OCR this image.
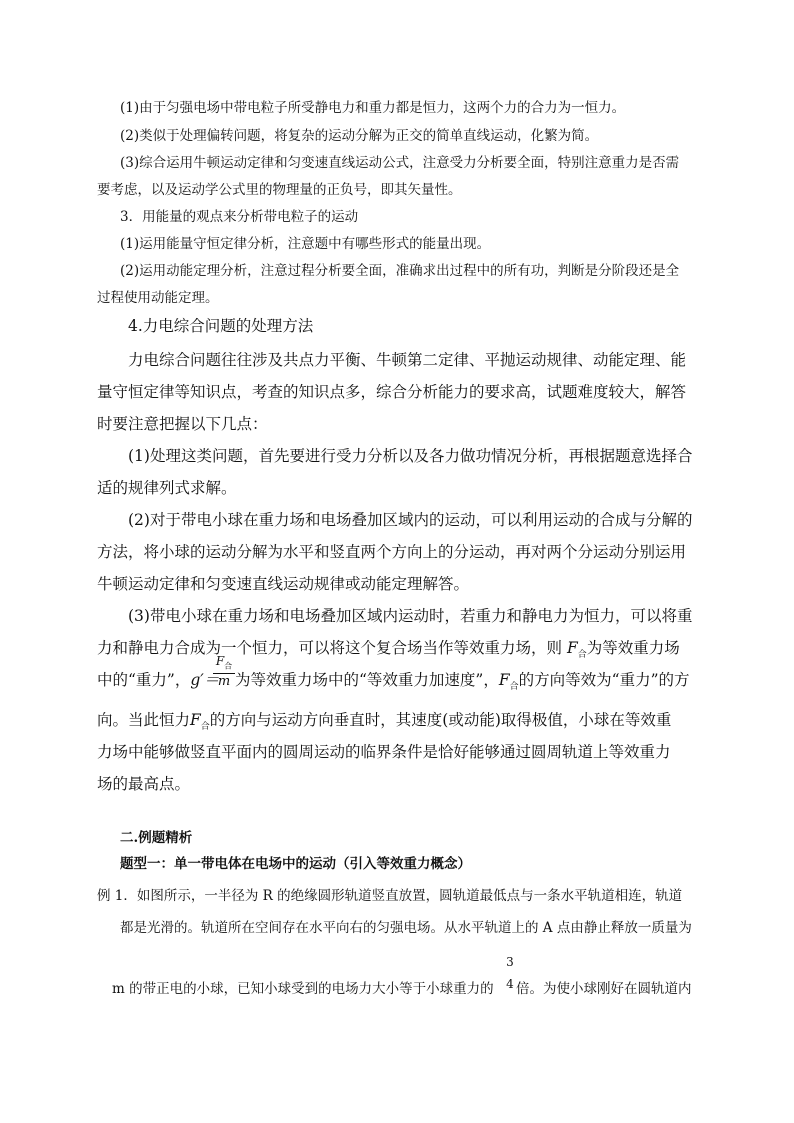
(1)由于匀强电场中带电粒子所受静电力和重力都是恒力，这两个力的合力为一恒力。
(2)类似于处理偏转问题，将复杂的运动分解为正交的简单直线运动，化繁为简。
(3)综合运用牛顿运动定律和匀变速直线运动公式，注意受力分析要全面，特别注意重力是否需
要考虑，以及运动学公式里的物理量的正负号，即其矢量性。
3．用能量的观点来分析带电粒子的运动
(1)运用能量守恒定律分析，注意题中有哪些形式的能量出现。
(2)运用动能定理分析，注意过程分析要全面，准确求出过程中的所有功，判断是分阶段还是全
过程使用动能定理。
4.力电综合问题的处理方法
力电综合问题往往涉及共点力平衡、牛顿第二定律、平抛运动规律、动能定理、能
量守恒定律等知识点，考查的知识点多，综合分析能力的要求高，试题难度较大，解答
时要注意把握以下几点：
(1)处理这类问题，首先要进行受力分析以及各力做功情况分析，再根据题意选择合
适的规律列式求解。
(2)对于带电小球在重力场和电场叠加区域内的运动，可以利用运动的合成与分解的
方法，将小球的运动分解为水平和竖直两个方向上的分运动，再对两个分运动分别运用
牛顿运动定律和匀变速直线运动规律或动能定理解答。
(3)带电小球在重力场和电场叠加区域内运动时，若重力和静电力为恒力，可以将重
力和静电力合成为一个恒力，可以将这个复合场当作等效重力场，则 $F_合$为等效重力场
中的“重力”，g′＝
$F_合$
m 为等效重力场中的“等效重力加速度”，$F_合$的方向等效为“重力”的方
向。当此恒力$F_合$的方向与运动方向垂直时，其速度(或动能)取得极值，小球在等效重
力场中能够做竖直平面内的圆周运动的临界条件是恰好能够通过圆周轨道上等效重力
场的最高点。
二.例题精析
题型一：单一带电体在电场中的运动（引入等效重力概念）
例 1．如图所示，一半径为 R 的绝缘圆形轨道竖直放置，圆轨道最低点与一条水平轨道相连，轨道
都是光滑的。轨道所在空间存在水平向右的匀强电场。从水平轨道上的 A 点由静止释放一质量为
m 的带正电的小球，已知小球受到的电场力大小等于小球重力的
3
4 倍。为使小球刚好在圆轨道内
